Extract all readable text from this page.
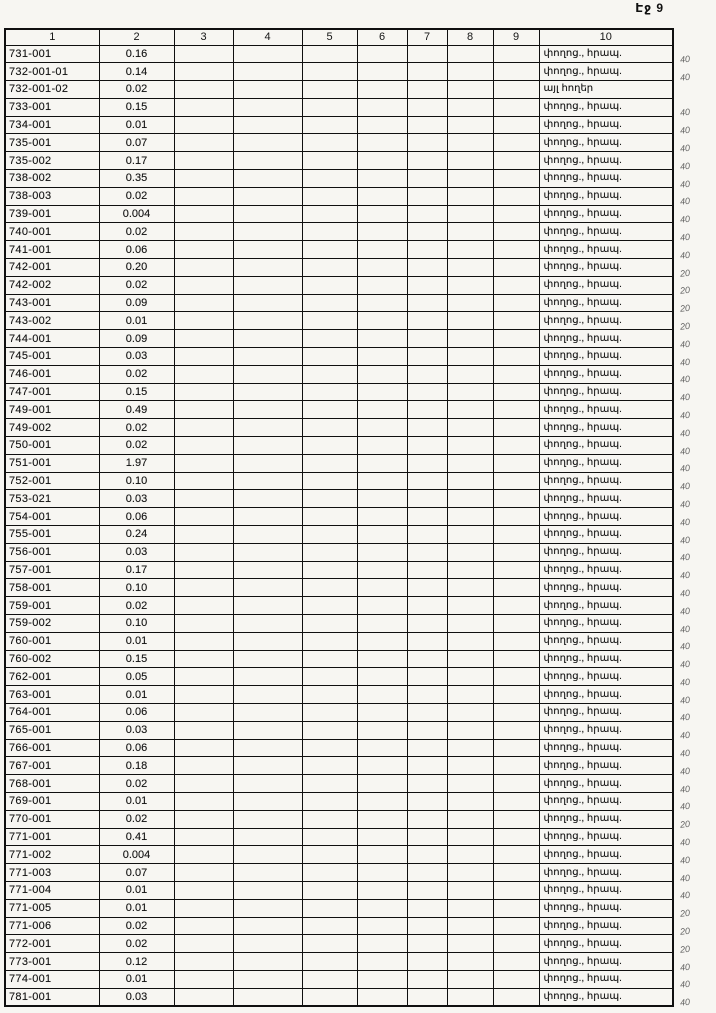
Էջ 9
1	2	3	4	5	6	7	8	9	10
731-001	0.16								փողոց., հրապ.
732-001-01	0.14								փողոց., հրապ.
732-001-02	0.02								այլ հողեր
733-001	0.15								փողոց., հրապ.
734-001	0.01								փողոց., հրապ.
735-001	0.07								փողոց., հրապ.
735-002	0.17								փողոց., հրապ.
738-002	0.35								փողոց., հրապ.
738-003	0.02								փողոց., հրապ.
739-001	0.004								փողոց., հրապ.
740-001	0.02								փողոց., հրապ.
741-001	0.06								փողոց., հրապ.
742-001	0.20								փողոց., հրապ.
742-002	0.02								փողոց., հրապ.
743-001	0.09								փողոց., հրապ.
743-002	0.01								փողոց., հրապ.
744-001	0.09								փողոց., հրապ.
745-001	0.03								փողոց., հրապ.
746-001	0.02								փողոց., հրապ.
747-001	0.15								փողոց., հրապ.
749-001	0.49								փողոց., հրապ.
749-002	0.02								փողոց., հրապ.
750-001	0.02								փողոց., հրապ.
751-001	1.97								փողոց., հրապ.
752-001	0.10								փողոց., հրապ.
753-021	0.03								փողոց., հրապ.
754-001	0.06								փողոց., հրապ.
755-001	0.24								փողոց., հրապ.
756-001	0.03								փողոց., հրապ.
757-001	0.17								փողոց., հրապ.
758-001	0.10								փողոց., հրապ.
759-001	0.02								փողոց., հրապ.
759-002	0.10								փողոց., հրապ.
760-001	0.01								փողոց., հրապ.
760-002	0.15								փողոց., հրապ.
762-001	0.05								փողոց., հրապ.
763-001	0.01								փողոց., հրապ.
764-001	0.06								փողոց., հրապ.
765-001	0.03								փողոց., հրապ.
766-001	0.06								փողոց., հրապ.
767-001	0.18								փողոց., հրապ.
768-001	0.02								փողոց., հրապ.
769-001	0.01								փողոց., հրապ.
770-001	0.02								փողոց., հրապ.
771-001	0.41								փողոց., հրապ.
771-002	0.004								փողոց., հրապ.
771-003	0.07								փողոց., հրապ.
771-004	0.01								փողոց., հրապ.
771-005	0.01								փողոց., հրապ.
771-006	0.02								փողոց., հրապ.
772-001	0.02								փողոց., հրապ.
773-001	0.12								փողոց., հրապ.
774-001	0.01								փողոց., հրապ.
781-001	0.03								փողոց., հրապ.
40
40
40
40
40
40
40
40
40
40
40
20
20
20
20
40
40
40
40
40
40
40
40
40
40
40
40
40
40
40
40
40
40
40
40
40
40
40
40
40
40
40
20
40
40
40
40
20
20
20
40
40
40
